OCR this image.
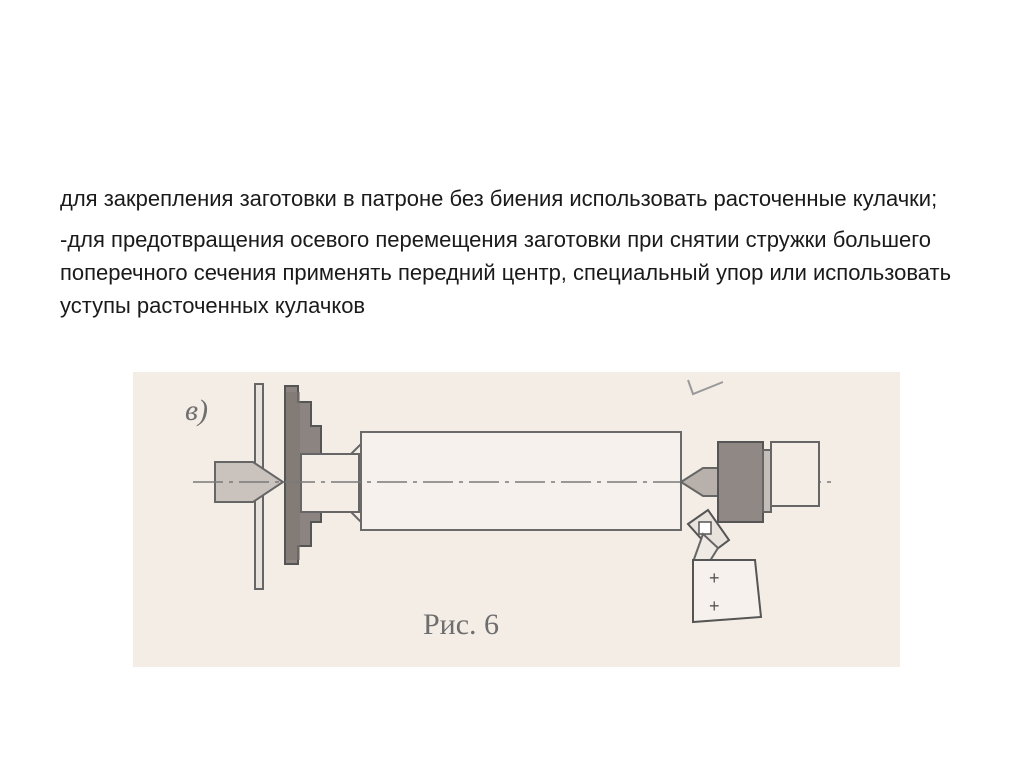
для закрепления заготовки в патроне без биения использовать расточенные кулачки;

-для предотвращения осевого перемещения заготовки при снятии стружки большего поперечного сечения применять передний центр, специальный упор или использовать уступы расточенных кулачков

в)
+
+
Рис. 6
